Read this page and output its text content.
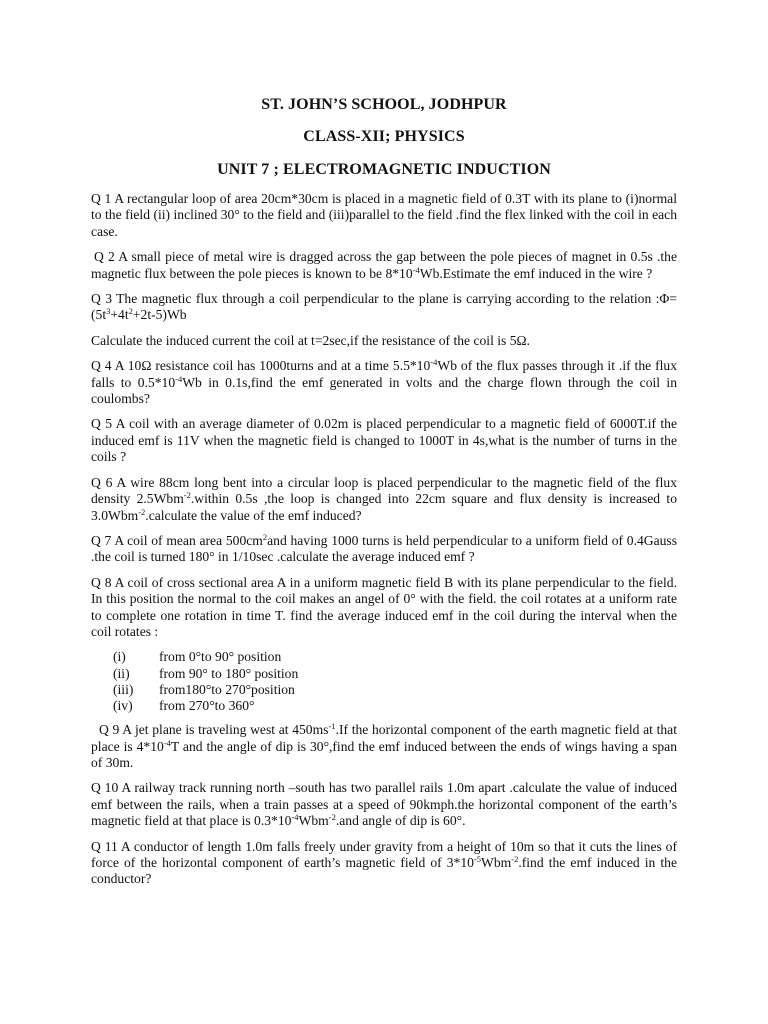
ST. JOHN’S SCHOOL, JODHPUR
CLASS-XII; PHYSICS
UNIT 7 ; ELECTROMAGNETIC INDUCTION

Q 1 A rectangular loop of area 20cm*30cm is placed in a magnetic field of 0.3T with its plane to (i)normal to the field (ii) inclined 30° to the field and (iii)parallel to the field .find the flex linked with the coil in each case.

Q 2 A small piece of metal wire is dragged across the gap between the pole pieces of magnet in 0.5s .the magnetic flux between the pole pieces is known to be $8*10^{-4}Wb.Estimate$ the emf induced in the wire ?

Q 3 The magnetic flux through a coil perpendicular to the plane is carrying according to the relation $:\Phi=(5t^3+4t^2+2t-5)Wb$

Calculate the induced current the coil at t=2sec,if the resistance of the coil is 5Ω.

Q 4 A 10Ω resistance coil has 1000turns and at a time $5.5*10^{-4}Wb$ of the flux passes through it .if the flux falls to $0.5*10^{-4}Wb$ in 0.1s,find the emf generated in volts and the charge flown through the coil in coulombs?

Q 5 A coil with an average diameter of 0.02m is placed perpendicular to a magnetic field of 6000T.if the induced emf is 11V when the magnetic field is changed to 1000T in 4s,what is the number of turns in the coils ?

Q 6 A wire 88cm long bent into a circular loop is placed perpendicular to the magnetic field of the flux density 2.5Wbm$^{-2}$.within 0.5s ,the loop is changed into 22cm square and flux density is increased to 3.0Wbm$^{-2}$.calculate the value of the emf induced?

Q 7 A coil of mean area $500cm^2and$ having 1000 turns is held perpendicular to a uniform field of 0.4Gauss .the coil is turned 180° in 1/10sec .calculate the average induced emf ?

Q 8 A coil of cross sectional area A in a uniform magnetic field B with its plane perpendicular to the field. In this position the normal to the coil makes an angel of 0° with the field. the coil rotates at a uniform rate to complete one rotation in time T. find the average induced emf in the coil during the interval when the coil rotates :

(i)	from 0°to 90° position
(ii)	from 90° to 180° position
(iii)	from180°to 270°position
(iv)	from 270°to 360°

Q 9 A jet plane is traveling west at $450ms^{-1}.If$ the horizontal component of the earth magnetic field at that place is $4*10^{-4}T$ and the angle of dip is 30°,find the emf induced between the ends of wings having a span of 30m.

Q 10 A railway track running north –south has two parallel rails 1.0m apart .calculate the value of induced emf between the rails, when a train passes at a speed of 90kmph.the horizontal component of the earth’s magnetic field at that place is $0.3*10^{-4}Wbm^{-2}.and$ angle of dip is 60°.

Q 11 A conductor of length 1.0m falls freely under gravity from a height of 10m so that it cuts the lines of force of the horizontal component of earth’s magnetic field of $3*10^{-5}Wbm^{-2}.find$ the emf induced in the conductor?
